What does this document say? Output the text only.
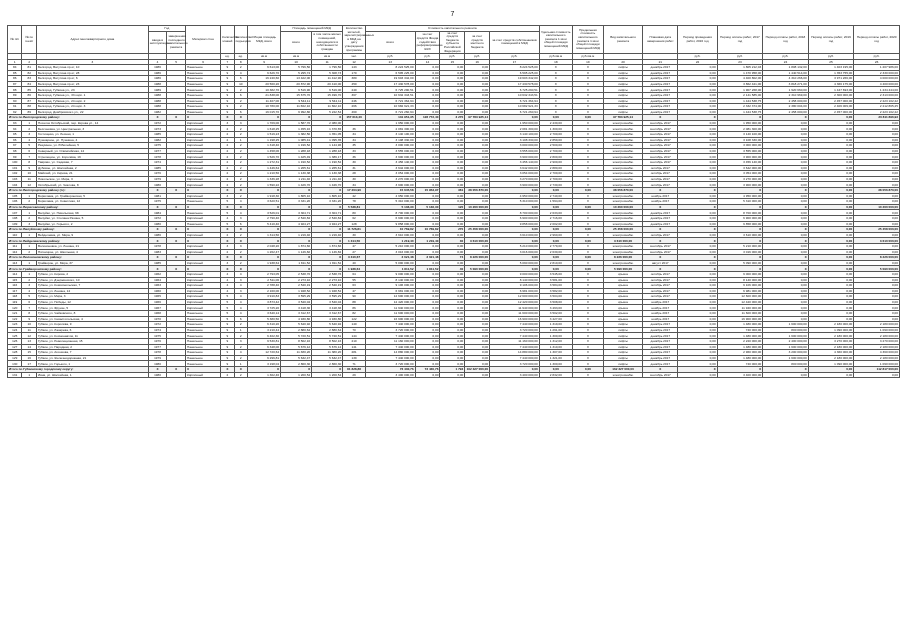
7
№ п/п	№ по reestr	Адрес многоквартирного дома	Год		Материал стен	Количество этажей	Количество подъездов	Общая площадь МКД, всего	Площадь помещений МКД		Количество жителей, зарегистрированных в МКД на дату утверждения программы	Стоимость капитального ремонта					Удельная стоимость капитального ремонта 1 кв.м общей площади помещений МКД	Предельная стоимость капитального ремонта 1 кв.м общей площади помещений МКД	Вид капитального ремонта	Плановая дата завершения работ	Период проведения работ, 2016 год	Период оплаты работ, 2017 год	Период оплаты работ, 2018 год	Период оплаты работ, 2019 год	Период оплаты работ, 2020 год
			ввода в эксплуатацию	завершения последнего капитального ремонта					всего	в том числе жилых помещений, находящихся в собственности граждан		всего	за счет средств Фонда содействия реформированию ЖКХ	за счет средств бюджета субъекта Российской Федерации	за счет средств местного бюджета	за счет средств собственников помещений в МКД									
						ед.	ед.	кв.м	кв.м	кв.м	чел.	руб.	руб.	руб.	руб.	руб.	руб./кв.м	руб./кв.м			руб.	руб.	руб.	руб.	руб.
1	2	3	4	5	6	7	8	9	10	11	12	13	14	15	16	17	18	19	20	21	22	23	24	25	26
84	81	Белгород, Ватутина пр-кт, 10	1986		Панельное	9	2	6 613,00	5 796,50	1 796,50	143	8 224 525,00	0,00	0,00	0,00	8 224 525,00	X	X	лифты	декабрь 2017	0,00	1 805 212,03	1 808 132,00	1 403 195,00	1 207 986,00
85	82	Белгород, Ватутина пр-кт, 28	1986		Панельное	9	4	6 626,70	5 295,74	5 308,73	170	6 595 225,00	0,00	0,00	0,00	6 595 225,00	X	X	лифты	декабрь 2017	0,00	1 470 958,00	1 440 514,00	1 353 755,00	2 330 000,00
86	83	Белгород, Ватутина пр-кт, 6	1986		Панельное	9	6	16 240,60	13 422,00	11 412,90	380	19 603 342,00	0,00	0,00	0,00	19 603 342,00	X	X	лифты	декабрь 2017	0,00	4 400 802,00	4 310 266,00	3 971 266,00	4 000 000,00
87	84	Белгород, Ватутина пр-кт, 23	1988		Панельное	9	10	20 560,20	20 872,90	20 410,00	450	17 430 578,00	0,00	0,00	0,00	17 430 578,00	X	X	лифты	декабрь 2017	0,00	3 862 421,00	3 818 271,00	4 366 175,00	4 400 000,00
88	85	Белгород, Губкина ул., 23	1989		Панельное	9	2	10 382,70	9 516,90	9 519,00	240	6 725 290,51	0,00	0,00	0,00	6 725 290,51	X	X	лифты	декабрь 2017	0,00	1 907 268,00	1 920 660,00	1 447 693,00	1 234 444,00
89	86	Белгород, Губкина ул., 33 корп. 1	1988		Панельное	9	6	21 838,00	15 675,70	15 499,70	367	10 632 343,51	0,00	0,00	0,00	10 632 343,51	X	X	лифты	декабрь 2017	0,00	2 141 585,00	2 310 969,00	2 300 000,00	2 313 000,00
90	87	Белгород, Губкина ул., 24 корп. 2	1988		Панельное	9	2	11 407,00	9 544,11	9 544,11	246	6 721 364,94	0,00	0,00	0,00	6 721 364,94	X	X	лифты	декабрь 2017	0,00	1 444 538,75	2 458 000,00	2 457 000,00	2 223 102,22
91	88	Белгород, Губкина ул., 24 корп. 3	1988		Панельное	9	2	10 780,00	11 662,10	11 662,10	266	10 682 921,33	0,00	0,00	0,00	10 682 921,33	X	X	лифты	декабрь 2017	0,00	2 332 374,00	2 380 004,00	2 406 009,00	2 212 865,25
92	89	Белгород, Домбровского ул., 22	1982		Панельное	9	6	16 015,70	9 992,80	5 222,54	460	6 721 260,94	0,00	0,00	0,00	6 721 260,94	X	X	лифты	декабрь 2017	0,00	1 444 538,75	2 458 000,00	2 457 000,00	2 223 102,22
Итого по Белгородскому району:			X	X	X	X	X	X	X	X	157 613,40	131 951,35	128 772,40	3 270	97 783 925,14	0,00	0,00	0,00	97 783 925,14	X	X	X	X	0,00	20 811 896,93
93	1	Поселок Октябрьский, пер. Кирова ул., 14	1972		Кирпичный	3	3	1 709,00	1 587,70	2 080,00		1 950 000,00	0,00	0,00	0,00	1 950 000,00	2 430,00	X	электроснабж.	сентябрь 2017	0,00	1 950 000,00	0,00	0,00	0,00
94	2	Бессоновка, ул. Центральная, 3	1973		Кирпичный	2	2	1 618,25	1 455,16	1 370,65	36	2 081 300,00	0,00	0,00	0,00	2 081 300,00	1 300,00	X	электроснабж.	сентябрь 2017	0,00	2 081 300,00	0,00	0,00	0,00
95	3	Гостищево, ул. Лесная, 1	1985		Кирпичный	2	2	1 519,23	1 382,50	1 351,05	34	3 140 100,00	0,00	0,00	0,00	3 140 100,00	2 700,00	X	электроснабж.	сентябрь 2017	0,00	3 140 100,00	0,00	0,00	0,00
96	4	Пушкарное, ул. Пушкина, 4	1982		Кирпичный	2	1	1 198,25	1 085,41	1 095,35	34	3 108 330,00	0,00	0,00	0,00	3 108 330,00	2 859,00	X	электроснабж.	сентябрь 2017	0,00	3 108 330,00	0,00	0,00	0,00
97	5	Разумное, ул. Юбилейная, 5	1975		Кирпичный	2	2	1 318,40	1 196,52	1 144,96	35	3 000 000,00	0,00	0,00	0,00	3 000 000,00	2 500,00	X	электроснабж.	сентябрь 2017	0,00	3 000 000,00	0,00	0,00	0,00
98	6	Северный, ул. Олимпийская, 14	1977		Кирпичный	2	2	1 458,06	1 288,18	1 288,18	33	3 555 000,00	0,00	0,00	0,00	3 555 000,00	2 700,00	X	электроснабж.	сентябрь 2017	0,00	3 555 000,00	0,00	0,00	0,00
99	7	Стрелецкое, ул. Королёва, 19	1978		Кирпичный	2	2	1 526,70	1 425,49	1 389,17	36	3 900 000,00	0,00	0,00	0,00	3 900 000,00	2 800,00	X	электроснабж.	сентябрь 2017	0,00	3 900 000,00	0,00	0,00	0,00
100	8	Таврово, ул. Садовая, 7	1974		Кирпичный	2	2	1 272,31	1 190,52	1 190,52	30	3 456 140,00	0,00	0,00	0,00	3 456 140,00	2 900,00	X	электроснабж.	сентябрь 2017	0,00	3 456 140,00	0,00	0,00	0,00
101	9	Дубовое, ул. Шоссейная, 2	1985		Кирпичный	2	2	1 446,64	1 265,61	1 265,61	31	3 642 000,00	0,00	0,00	0,00	3 642 000,00	2 880,00	X	электроснабж.	октябрь 2017	0,00	3 642 000,00	0,00	0,00	0,00
102	10	Майский, ул. Кирова, 21	1976		Кирпичный	2	2	1 210,56	1 130,38	1 130,38	28	3 054 000,00	0,00	0,00	0,00	3 054 000,00	2 700,00	X	электроснабж.	октябрь 2017	0,00	3 054 000,00	0,00	0,00	0,00
103	11	Никольское, ул. Мира, 3	1979		Кирпичный	2	2	1 336,28	1 211,40	1 211,40	30	3 270 000,00	0,00	0,00	0,00	3 270 000,00	2 700,00	X	электроснабж.	октябрь 2017	0,00	3 270 000,00	0,00	0,00	0,00
104	12	Октябрьский, ул. Чкалова, 8	1980		Кирпичный	2	2	1 590,22	1 426,70	1 426,70	34	3 900 000,00	0,00	0,00	0,00	3 900 000,00	2 730,00	X	электроснабж.	октябрь 2017	0,00	3 900 000,00	0,00	0,00	0,00
Итого по Белгородскому району (п.):			X	X	X	X	X	X	X	X	17 204,90	15 645,58	15 953,97	381	38 056 870,00	0,00	0,00	0,00	38 056 870,00	X	X	X	X	0,00	38 056 870,00
105	1	Борисовка, ул. Грайворонская, 5	1981		Кирпичный	3	2	1 918,30	1 805,10	1 805,10	42	4 950 000,00	0,00	0,00	0,00	4 950 000,00	2 740,00	X	электроснабж.	ноябрь 2017	0,00	4 950 000,00	0,00	0,00	0,00
106	2	Борисовка, ул. Советская, 12	1975		Панельное	5	4	3 620,51	3 331,20	3 331,20	78	5 310 000,00	0,00	0,00	0,00	5 310 000,00	1 594,00	X	электроснабж.	ноябрь 2017	0,00	5 310 000,00	0,00	0,00	0,00
Итого по Борисовскому району:			X	X	X	X	X	X	X	X	5 538,81	5 136,30	5 136,30	120	10 260 000,00	0,00	0,00	0,00	10 260 000,00	X	X	X	X	0,00	10 260 000,00
107	1	Валуйки, ул. Никольская, 98	1984		Панельное	5	4	3 526,01	3 304,71	3 304,71	80	8 700 000,00	0,00	0,00	0,00	8 700 000,00	2 633,00	X	электроснабж.	декабрь 2017	0,00	8 700 000,00	0,00	0,00	0,00
108	2	Валуйки, ул. Степана Разина, 5	1972		Кирпичный	4	3	2 790,40	2 540,84	2 540,84	62	6 900 000,00	0,00	0,00	0,00	6 900 000,00	2 716,00	X	электроснабж.	декабрь 2017	0,00	6 900 000,00	0,00	0,00	0,00
109	3	Валуйки, ул. Горького, 2	1980		Панельное	5	6	5 410,40	4 924,27	4 924,27	128	9 858 000,00	0,00	0,00	0,00	9 858 000,00	2 002,00	X	электроснабж.	декабрь 2017	0,00	9 858 000,00	0,00	0,00	0,00
Итого по Валуйскому району:			X	X	X	X	X	X	X	X	11 726,81	10 769,82	10 769,82	270	25 458 000,00	0,00	0,00	0,00	25 458 000,00	X	X	X	X	0,00	25 458 000,00
110	1	Вейделевка, ул. Мира, 9	1986		Кирпичный	2	2	1 314,50	1 219,40	1 219,40	30	3 610 000,00	0,00	0,00	0,00	3 610 000,00	2 960,00	X	электроснабж.	октябрь 2017	0,00	3 610 000,00	0,00	0,00	0,00
Итого по Вейделевскому району:			X	X	X	X	X	X	X	X	1 314,50	1 219,40	1 219,40	30	3 610 000,00	0,00	0,00	0,00	3 610 000,00	X	X	X	X	0,00	3 610 000,00
111	1	Волоконовка, ул. Ленина, 21	1978		Кирпичный	3	3	2 048,20	1 874,66	1 874,66	47	5 210 000,00	0,00	0,00	0,00	5 210 000,00	2 779,00	X	электроснабж.	сентябрь 2017	0,00	5 210 000,00	0,00	0,00	0,00
112	2	Пятницкое, ул. Школьная, 4	1983		Кирпичный	2	2	1 262,47	1 146,82	1 146,82	27	3 016 000,00	0,00	0,00	0,00	3 016 000,00	2 630,00	X	электроснабж.	сентябрь 2017	0,00	3 016 000,00	0,00	0,00	0,00
Итого по Волоконовскому району:			X	X	X	X	X	X	X	X	3 310,67	3 021,48	3 021,48	74	8 226 000,00	0,00	0,00	0,00	8 226 000,00	X	X	X	X	0,00	8 226 000,00
113	1	Грайворон, ул. Мира, 37	1985		Кирпичный	3	2	1 938,64	1 811,52	1 811,52	40	5 090 000,00	0,00	0,00	0,00	5 090 000,00	2 810,00	X	электроснабж.	август 2017	0,00	5 090 000,00	0,00	0,00	0,00
Итого по Грайворонскому району:			X	X	X	X	X	X	X	X	1 938,64	1 811,52	1 811,52	40	5 090 000,00	0,00	0,00	0,00	5 090 000,00	X	X	X	X	0,00	5 090 000,00
114	1	Губкин, ул. Кирова, 2	1962		Кирпичный	4	4	2 793,05	2 538,76	2 538,76	64	9 000 000,00	0,00	0,00	0,00	9 000 000,00	3 545,00	X	крыша	октябрь 2017	0,00	9 000 000,00	0,00	0,00	0,00
115	2	Губкин, ул. Дзержинского, 10	1964		Кирпичный	4	3	2 511,06	2 273,10	2 273,10	55	8 140 000,00	0,00	0,00	0,00	8 140 000,00	3 581,00	X	крыша	октябрь 2017	0,00	8 140 000,00	0,00	0,00	0,00
116	3	Губкин, ул. Комсомольская, 7	1963		Кирпичный	4	4	2 788,40	2 540,19	2 540,19	63	9 106 000,00	0,00	0,00	0,00	9 106 000,00	3 584,00	X	крыша	октябрь 2017	0,00	9 106 000,00	0,00	0,00	0,00
117	4	Губкин, ул. Ленина, 14	1960		Кирпичный	4	3	2 160,00	1 948,52	1 948,52	47	6 981 000,00	0,00	0,00	0,00	6 981 000,00	3 582,00	X	крыша	октябрь 2017	0,00	6 981 000,00	0,00	0,00	0,00
118	5	Губкин, ул. Мира, 3	1965		Кирпичный	5	4	3 910,83	3 595,29	3 595,29	90	12 600 000,00	0,00	0,00	0,00	12 600 000,00	3 504,00	X	крыша	октябрь 2017	0,00	12 600 000,00	0,00	0,00	0,00
119	6	Губкин, ул. Победы, 12	1966		Кирпичный	5	4	3 873,42	3 540,04	3 540,04	88	12 420 000,00	0,00	0,00	0,00	12 420 000,00	3 508,00	X	крыша	ноябрь 2017	0,00	12 420 000,00	0,00	0,00	0,00
120	7	Губкин, ул. Фрунзе, 5	1967		Кирпичный	5	4	3 725,20	3 418,36	3 418,36	86	11 940 000,00	0,00	0,00	0,00	11 940 000,00	3 493,00	X	крыша	ноябрь 2017	0,00	11 940 000,00	0,00	0,00	0,00
121	8	Губкин, ул. Чайковского, 8	1968		Панельное	5	4	3 640,14	3 312,67	3 312,67	82	11 600 000,00	0,00	0,00	0,00	11 600 000,00	3 502,00	X	крыша	ноябрь 2017	0,00	11 600 000,00	0,00	0,00	0,00
122	9	Губкин, ул. Севастопольская, 4	1970		Панельное	5	6	5 380,50	4 930,80	4 930,80	122	16 900 000,00	0,00	0,00	0,00	16 900 000,00	3 427,00	X	крыша	ноябрь 2017	0,00	16 900 000,00	0,00	0,00	0,00
123	10	Губкин, ул. Королёва, 9	1972		Панельное	9	2	6 310,20	5 640,92	5 640,92	140	7 440 000,00	0,00	0,00	0,00	7 440 000,00	1 319,00	X	лифты	декабрь 2017	0,00	1 480 000,00	1 600 000,00	2 180 000,00	2 180 000,00
124	11	Губкин, ул. Лазарева, 6	1974		Панельное	9	1	3 210,44	2 880,64	2 880,64	70	3 720 000,00	0,00	0,00	0,00	3 720 000,00	1 291,00	X	лифты	декабрь 2017	0,00	740 000,00	800 000,00	1 090 000,00	1 090 000,00
125	12	Губкин, ул. Космонавтов, 11	1975		Панельное	9	2	6 402,30	5 720,51	5 720,51	144	7 440 000,00	0,00	0,00	0,00	7 440 000,00	1 300,00	X	лифты	декабрь 2017	0,00	1 480 000,00	1 600 000,00	2 180 000,00	2 180 000,00
126	13	Губкин, ул. Революционная, 15	1976		Панельное	9	3	9 530,81	8 502,16	8 502,16	210	11 160 000,00	0,00	0,00	0,00	11 160 000,00	1 312,00	X	лифты	декабрь 2017	0,00	2 220 000,00	2 400 000,00	3 270 000,00	3 270 000,00
127	14	Губкин, ул. Народная, 2	1977		Панельное	9	2	6 348,00	5 676,12	5 676,12	141	7 440 000,00	0,00	0,00	0,00	7 440 000,00	1 310,00	X	лифты	декабрь 2017	0,00	1 480 000,00	1 600 000,00	2 180 000,00	2 180 000,00
128	15	Губкин, ул. Агошкова, 7	1978		Панельное	9	4	12 720,64	11 380,20	11 380,20	281	14 880 000,00	0,00	0,00	0,00	14 880 000,00	1 307,00	X	лифты	декабрь 2017	0,00	2 960 000,00	3 200 000,00	4 360 000,00	4 360 000,00
129	16	Губкин, ул. Железнодорожная, 21	1979		Панельное	9	2	6 296,81	5 632,47	5 632,47	139	7 440 000,00	0,00	0,00	0,00	7 440 000,00	1 321,00	X	лифты	декабрь 2017	0,00	1 480 000,00	1 600 000,00	2 180 000,00	2 180 000,00
130	17	Губкин, ул. Горького, 1	1980		Панельное	9	1	3 198,04	2 860,30	2 860,30	71	3 720 000,00	0,00	0,00	0,00	3 720 000,00	1 300,00	X	лифты	декабрь 2017	0,00	740 000,00	800 000,00	1 090 000,00	1 090 000,00
Итого по Губкинскому городскому округу:			X	X	X	X	X	X	X	X	81 828,88	73 430,76	73 430,76	1 793	162 327 000,00	0,00	0,00	0,00	162 327 000,00	X	X	X	X	0,00	112 817 000,00
131	1	Ивня, ул. Шоссейная, 1	1980		Кирпичный	2	2	1 302,46	1 200,54	1 200,54	29	3 400 000,00	0,00	0,00	0,00	3 400 000,00	2 832,00	X	электроснабж.	сентябрь 2017	0,00	3 400 000,00	0,00	0,00	0,00
